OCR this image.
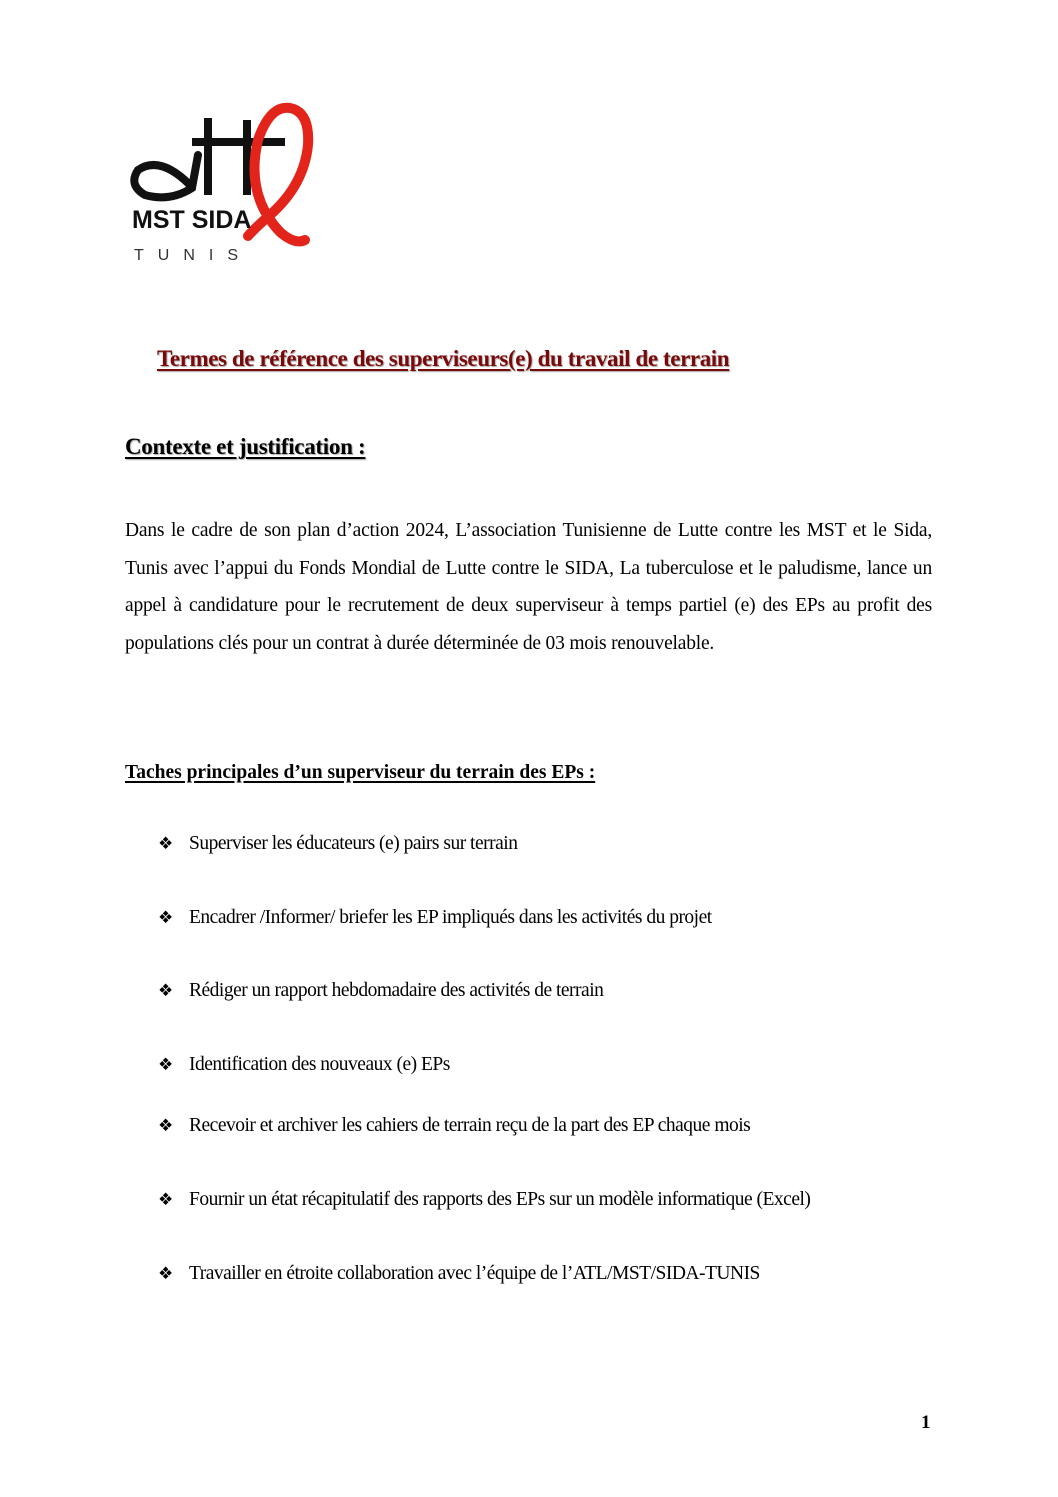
MST SIDA
TUNIS
Termes de référence des superviseurs(e) du travail de terrain
Contexte et justification :
Dans le cadre de son plan d’action 2024, L’association Tunisienne de Lutte contre les MST et le Sida, Tunis avec l’appui du Fonds Mondial de Lutte contre le SIDA, La tuberculose et le paludisme, lance un appel à candidature pour le recrutement de deux superviseur à temps partiel (e) des EPs au profit des populations clés pour un contrat à durée déterminée de 03 mois renouvelable.
Taches principales d’un superviseur du terrain des EPs :
❖ Superviser les éducateurs (e) pairs sur terrain
❖ Encadrer /Informer/ briefer les EP impliqués dans les activités du projet
❖ Rédiger un rapport hebdomadaire des activités de terrain
❖ Identification des nouveaux (e) EPs
❖ Recevoir et archiver les cahiers de terrain reçu de la part des EP chaque mois
❖ Fournir un état récapitulatif des rapports des EPs sur un modèle informatique (Excel)
❖ Travailler en étroite collaboration avec l’équipe de l’ATL/MST/SIDA-TUNIS
1
